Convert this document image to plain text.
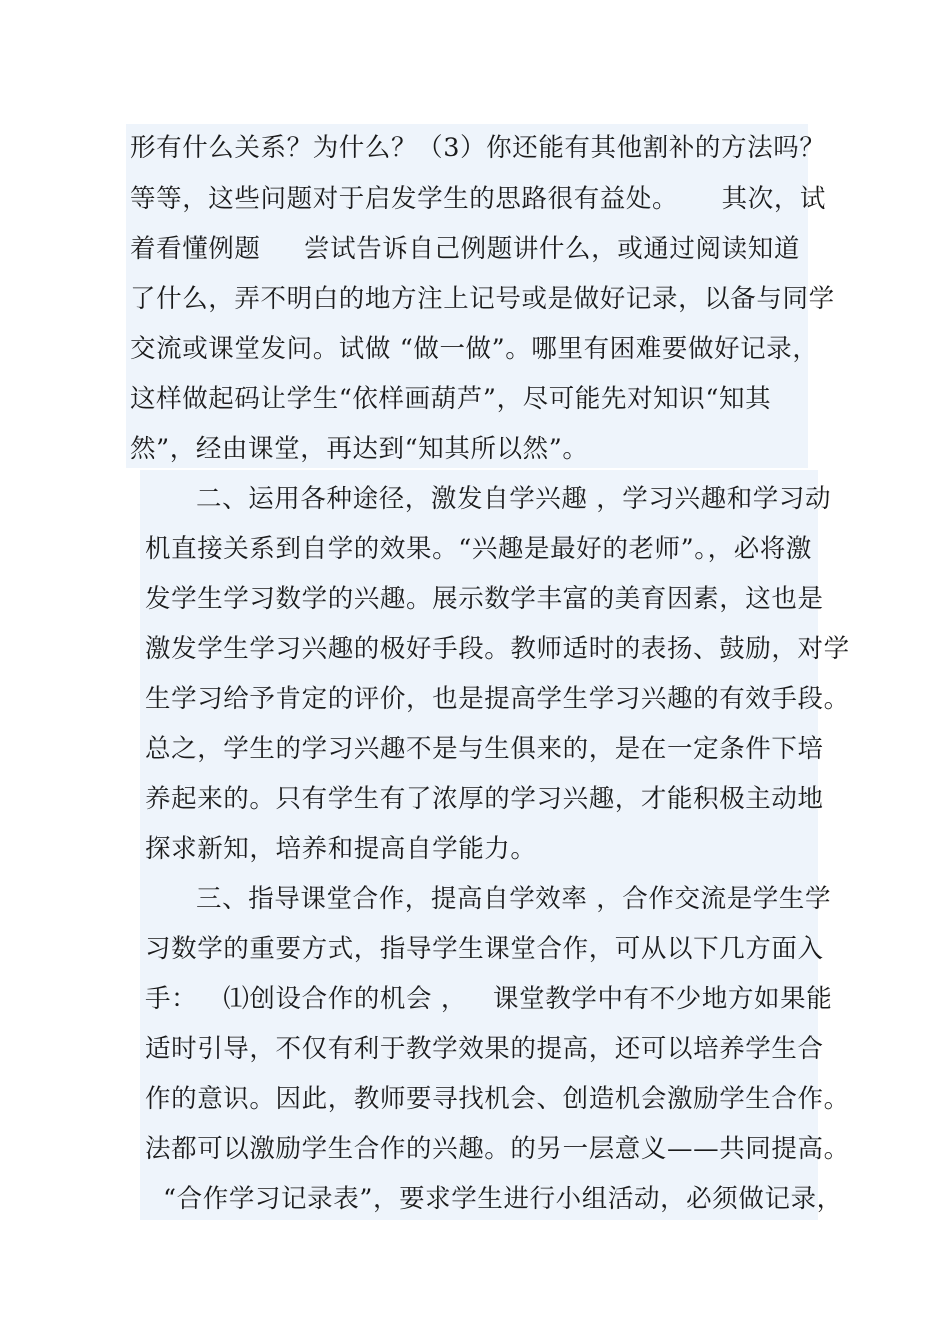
形有什么关系？为什么？（3）你还能有其他割补的方法吗？
等等，这些问题对于启发学生的思路很有益处。     其次，试
着看懂例题     尝试告诉自己例题讲什么，或通过阅读知道
了什么，弄不明白的地方注上记号或是做好记录，以备与同学
交流或课堂发问。试做 “做一做”。哪里有困难要做好记录，
这样做起码让学生“依样画葫芦”，尽可能先对知识“知其
然”，经由课堂，再达到“知其所以然”。
二、运用各种途径，激发自学兴趣 ，学习兴趣和学习动
机直接关系到自学的效果。“兴趣是最好的老师”。，必将激
发学生学习数学的兴趣。展示数学丰富的美育因素，这也是
激发学生学习兴趣的极好手段。教师适时的表扬、鼓励，对学
生学习给予肯定的评价，也是提高学生学习兴趣的有效手段。
总之，学生的学习兴趣不是与生俱来的，是在一定条件下培
养起来的。只有学生有了浓厚的学习兴趣，才能积极主动地
探求新知，培养和提高自学能力。
三、指导课堂合作，提高自学效率 ，合作交流是学生学
习数学的重要方式，指导学生课堂合作，可从以下几方面入
手：   ⑴创设合作的机会 ，   课堂教学中有不少地方如果能
适时引导，不仅有利于教学效果的提高，还可以培养学生合
作的意识。因此，教师要寻找机会、创造机会激励学生合作。
法都可以激励学生合作的兴趣。的另一层意义——共同提高。
“合作学习记录表”，要求学生进行小组活动，必须做记录，
